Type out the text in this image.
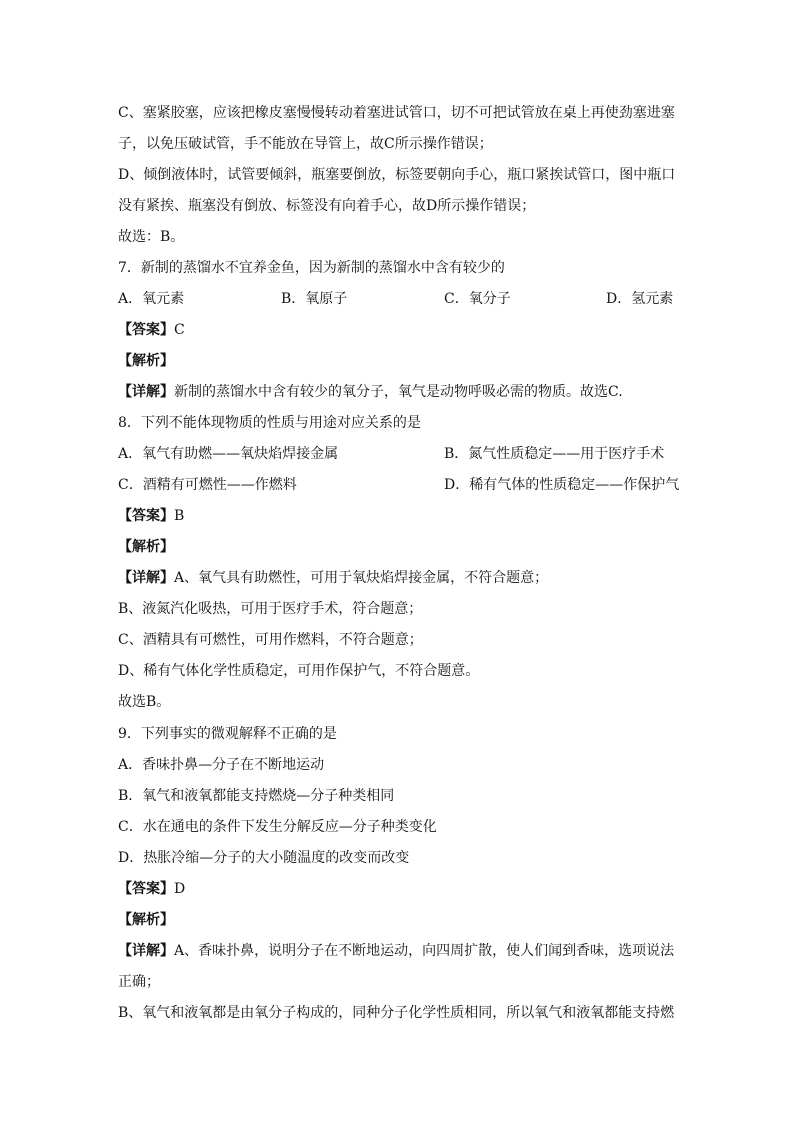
C、塞紧胶塞，应该把橡皮塞慢慢转动着塞进试管口，切不可把试管放在桌上再使劲塞进塞
子，以免压破试管，手不能放在导管上，故C所示操作错误；
D、倾倒液体时，试管要倾斜，瓶塞要倒放，标签要朝向手心，瓶口紧挨试管口，图中瓶口
没有紧挨、瓶塞没有倒放、标签没有向着手心，故D所示操作错误；
故选：B。
7．新制的蒸馏水不宜养金鱼，因为新制的蒸馏水中含有较少的
A．氧元素	B．氧原子	C．氧分子	D．氢元素
【答案】C
【解析】
【详解】新制的蒸馏水中含有较少的氧分子，氧气是动物呼吸必需的物质。故选C.
8．下列不能体现物质的性质与用途对应关系的是
A．氧气有助燃——氧炔焰焊接金属	B．氮气性质稳定——用于医疗手术
C．酒精有可燃性——作燃料	D．稀有气体的性质稳定——作保护气
【答案】B
【解析】
【详解】A、氧气具有助燃性，可用于氧炔焰焊接金属，不符合题意；
B、液氮汽化吸热，可用于医疗手术，符合题意；
C、酒精具有可燃性，可用作燃料，不符合题意；
D、稀有气体化学性质稳定，可用作保护气，不符合题意。
故选B。
9．下列事实的微观解释不正确的是
A．香味扑鼻—分子在不断地运动
B．氧气和液氧都能支持燃烧—分子种类相同
C．水在通电的条件下发生分解反应—分子种类变化
D．热胀冷缩—分子的大小随温度的改变而改变
【答案】D
【解析】
【详解】A、香味扑鼻，说明分子在不断地运动，向四周扩散，使人们闻到香味，选项说法
正确；
B、氧气和液氧都是由氧分子构成的，同种分子化学性质相同，所以氧气和液氧都能支持燃
